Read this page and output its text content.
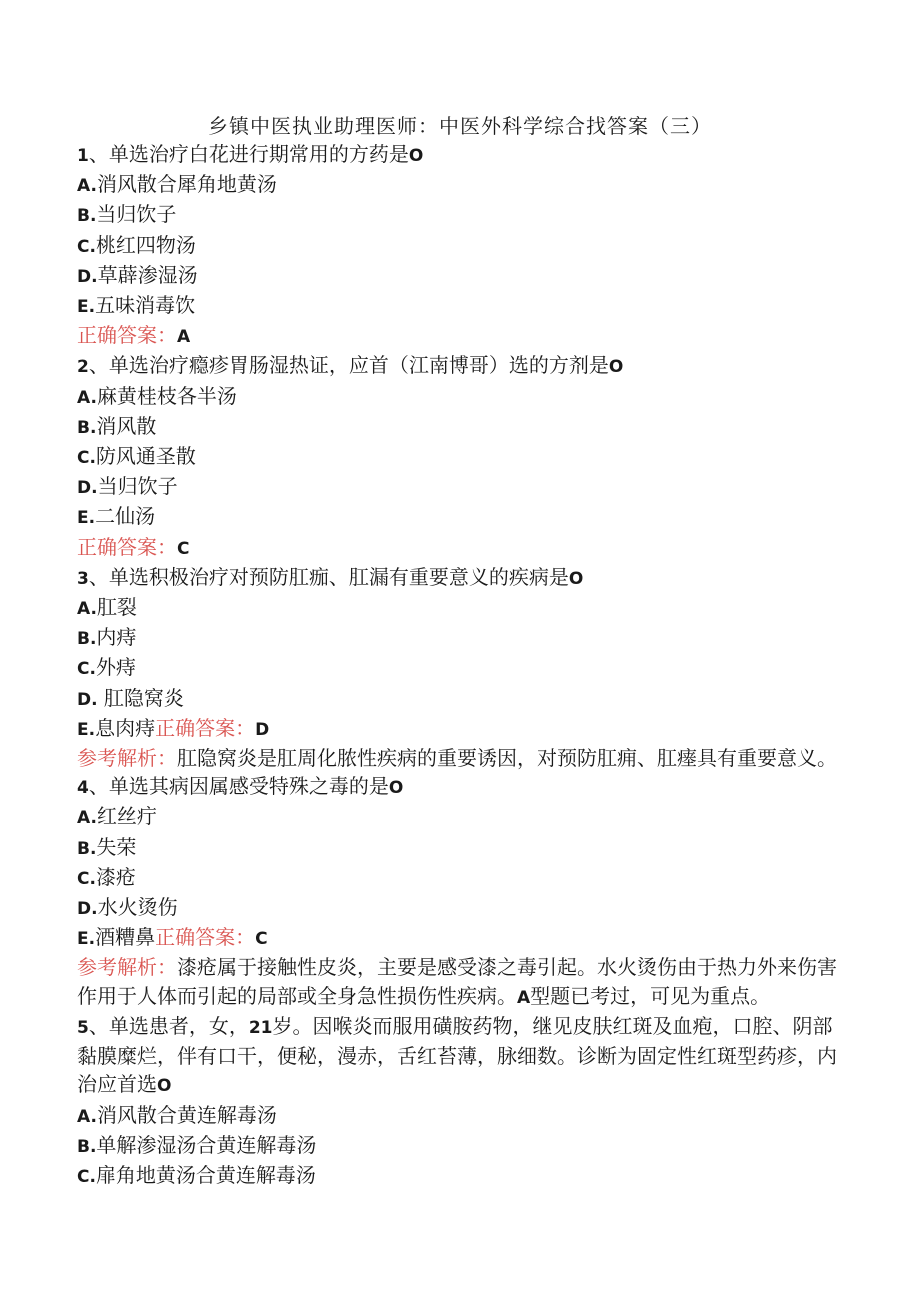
乡镇中医执业助理医师：中医外科学综合找答案（三）
1、单选治疗白花进行期常用的方药是O
A.消风散合犀角地黄汤
B.当归饮子
C.桃红四物汤
D.草薜渗湿汤
E.五味消毒饮
正确答案：A
2、单选治疗瘾疹胃肠湿热证，应首（江南博哥）选的方剂是O
A.麻黄桂枝各半汤
B.消风散
C.防风通圣散
D.当归饮子
E.二仙汤
正确答案：C
3、单选积极治疗对预防肛痂、肛漏有重要意义的疾病是O
A.肛裂
B.内痔
C.外痔
D. 肛隐窝炎
E.息肉痔正确答案：D
参考解析：肛隐窝炎是肛周化脓性疾病的重要诱因，对预防肛痈、肛瘗具有重要意义。
4、单选其病因属感受特殊之毒的是O
A.红丝疔
B.失荣
C.漆疮
D.水火烫伤
E.酒糟鼻正确答案：C
参考解析：漆疮属于接触性皮炎，主要是感受漆之毒引起。水火烫伤由于热力外来伤害作用于人体而引起的局部或全身急性损伤性疾病。A型题已考过，可见为重点。
5、单选患者，女，21岁。因喉炎而服用磺胺药物，继见皮肤红斑及血疱，口腔、阴部黏膜糜烂，伴有口干，便秘，漫赤，舌红苔薄，脉细数。诊断为固定性红斑型药疹，内治应首选O
A.消风散合黄连解毒汤
B.单解渗湿汤合黄连解毒汤
C.扉角地黄汤合黄连解毒汤
